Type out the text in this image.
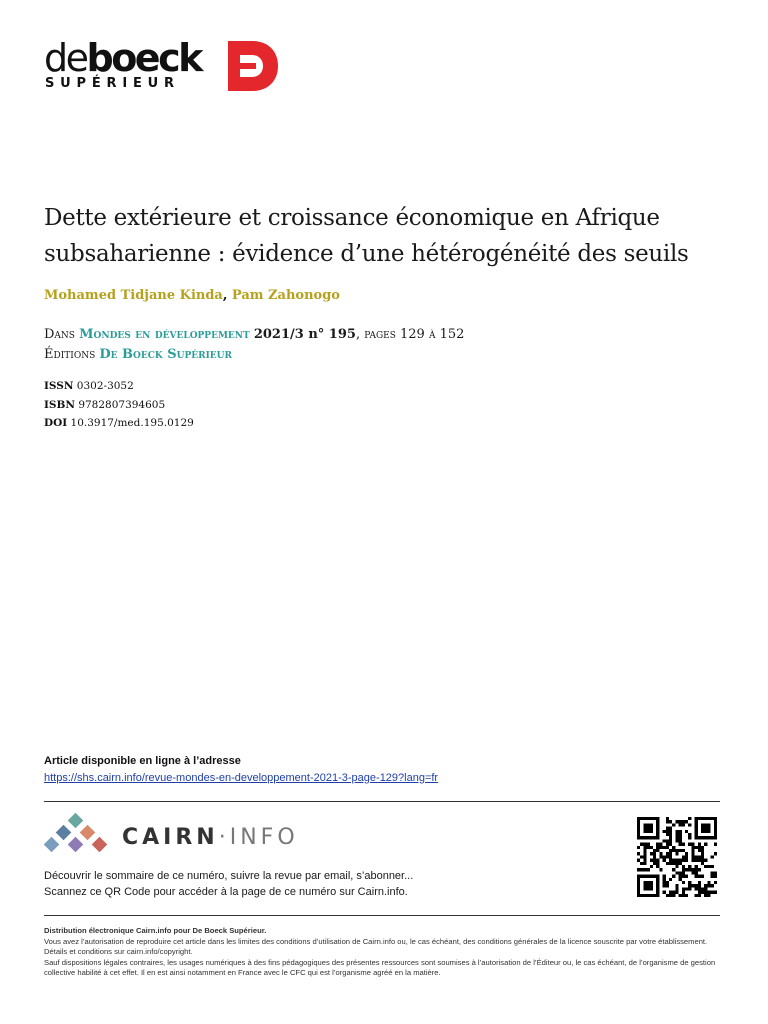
deboeck
SUPÉRIEUR
Dette extérieure et croissance économique en Afrique
subsaharienne : évidence d’une hétérogénéité des seuils
Mohamed Tidjane Kinda, Pam Zahonogo
Dans Mondes en développement 2021/3 n° 195, pages 129 à 152
Éditions De Boeck Supérieur
ISSN 0302-3052
ISBN 9782807394605
DOI 10.3917/med.195.0129
Article disponible en ligne à l’adresse
https://shs.cairn.info/revue-mondes-en-developpement-2021-3-page-129?lang=fr
CAIRN·INFO
Découvrir le sommaire de ce numéro, suivre la revue par email, s’abonner...
Scannez ce QR Code pour accéder à la page de ce numéro sur Cairn.info.
Distribution électronique Cairn.info pour De Boeck Supérieur.
Vous avez l’autorisation de reproduire cet article dans les limites des conditions d’utilisation de Cairn.info ou, le cas échéant, des conditions générales de la licence souscrite par votre établissement. Détails et conditions sur cairn.info/copyright.
Sauf dispositions légales contraires, les usages numériques à des fins pédagogiques des présentes ressources sont soumises à l’autorisation de l’Éditeur ou, le cas échéant, de l’organisme de gestion collective habilité à cet effet. Il en est ainsi notamment en France avec le CFC qui est l’organisme agréé en la matière.
